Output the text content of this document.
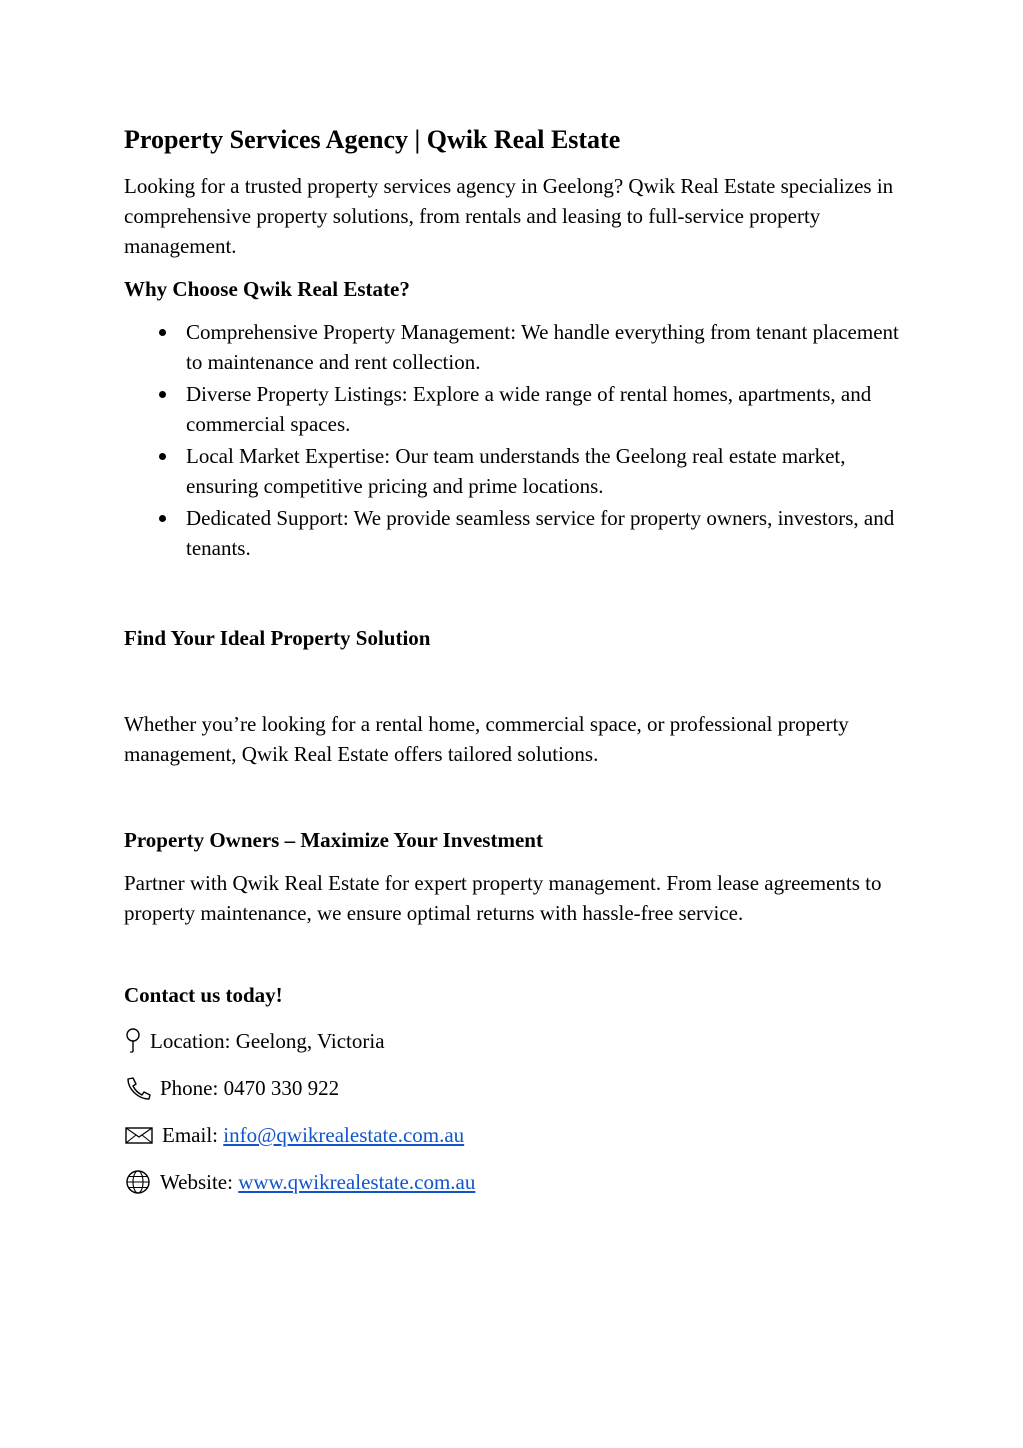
Property Services Agency | Qwik Real Estate

Looking for a trusted property services agency in Geelong? Qwik Real Estate specializes in comprehensive property solutions, from rentals and leasing to full-service property management.

Why Choose Qwik Real Estate?
Comprehensive Property Management: We handle everything from tenant placement to maintenance and rent collection.
Diverse Property Listings: Explore a wide range of rental homes, apartments, and commercial spaces.
Local Market Expertise: Our team understands the Geelong real estate market, ensuring competitive pricing and prime locations.
Dedicated Support: We provide seamless service for property owners, investors, and tenants.
Find Your Ideal Property Solution

Whether you’re looking for a rental home, commercial space, or professional property management, Qwik Real Estate offers tailored solutions.

Property Owners – Maximize Your Investment

Partner with Qwik Real Estate for expert property management. From lease agreements to property maintenance, we ensure optimal returns with hassle-free service.

Contact us today!
Location: Geelong, Victoria
Phone: 0470 330 922
Email: info@qwikrealestate.com.au
Website: www.qwikrealestate.com.au
